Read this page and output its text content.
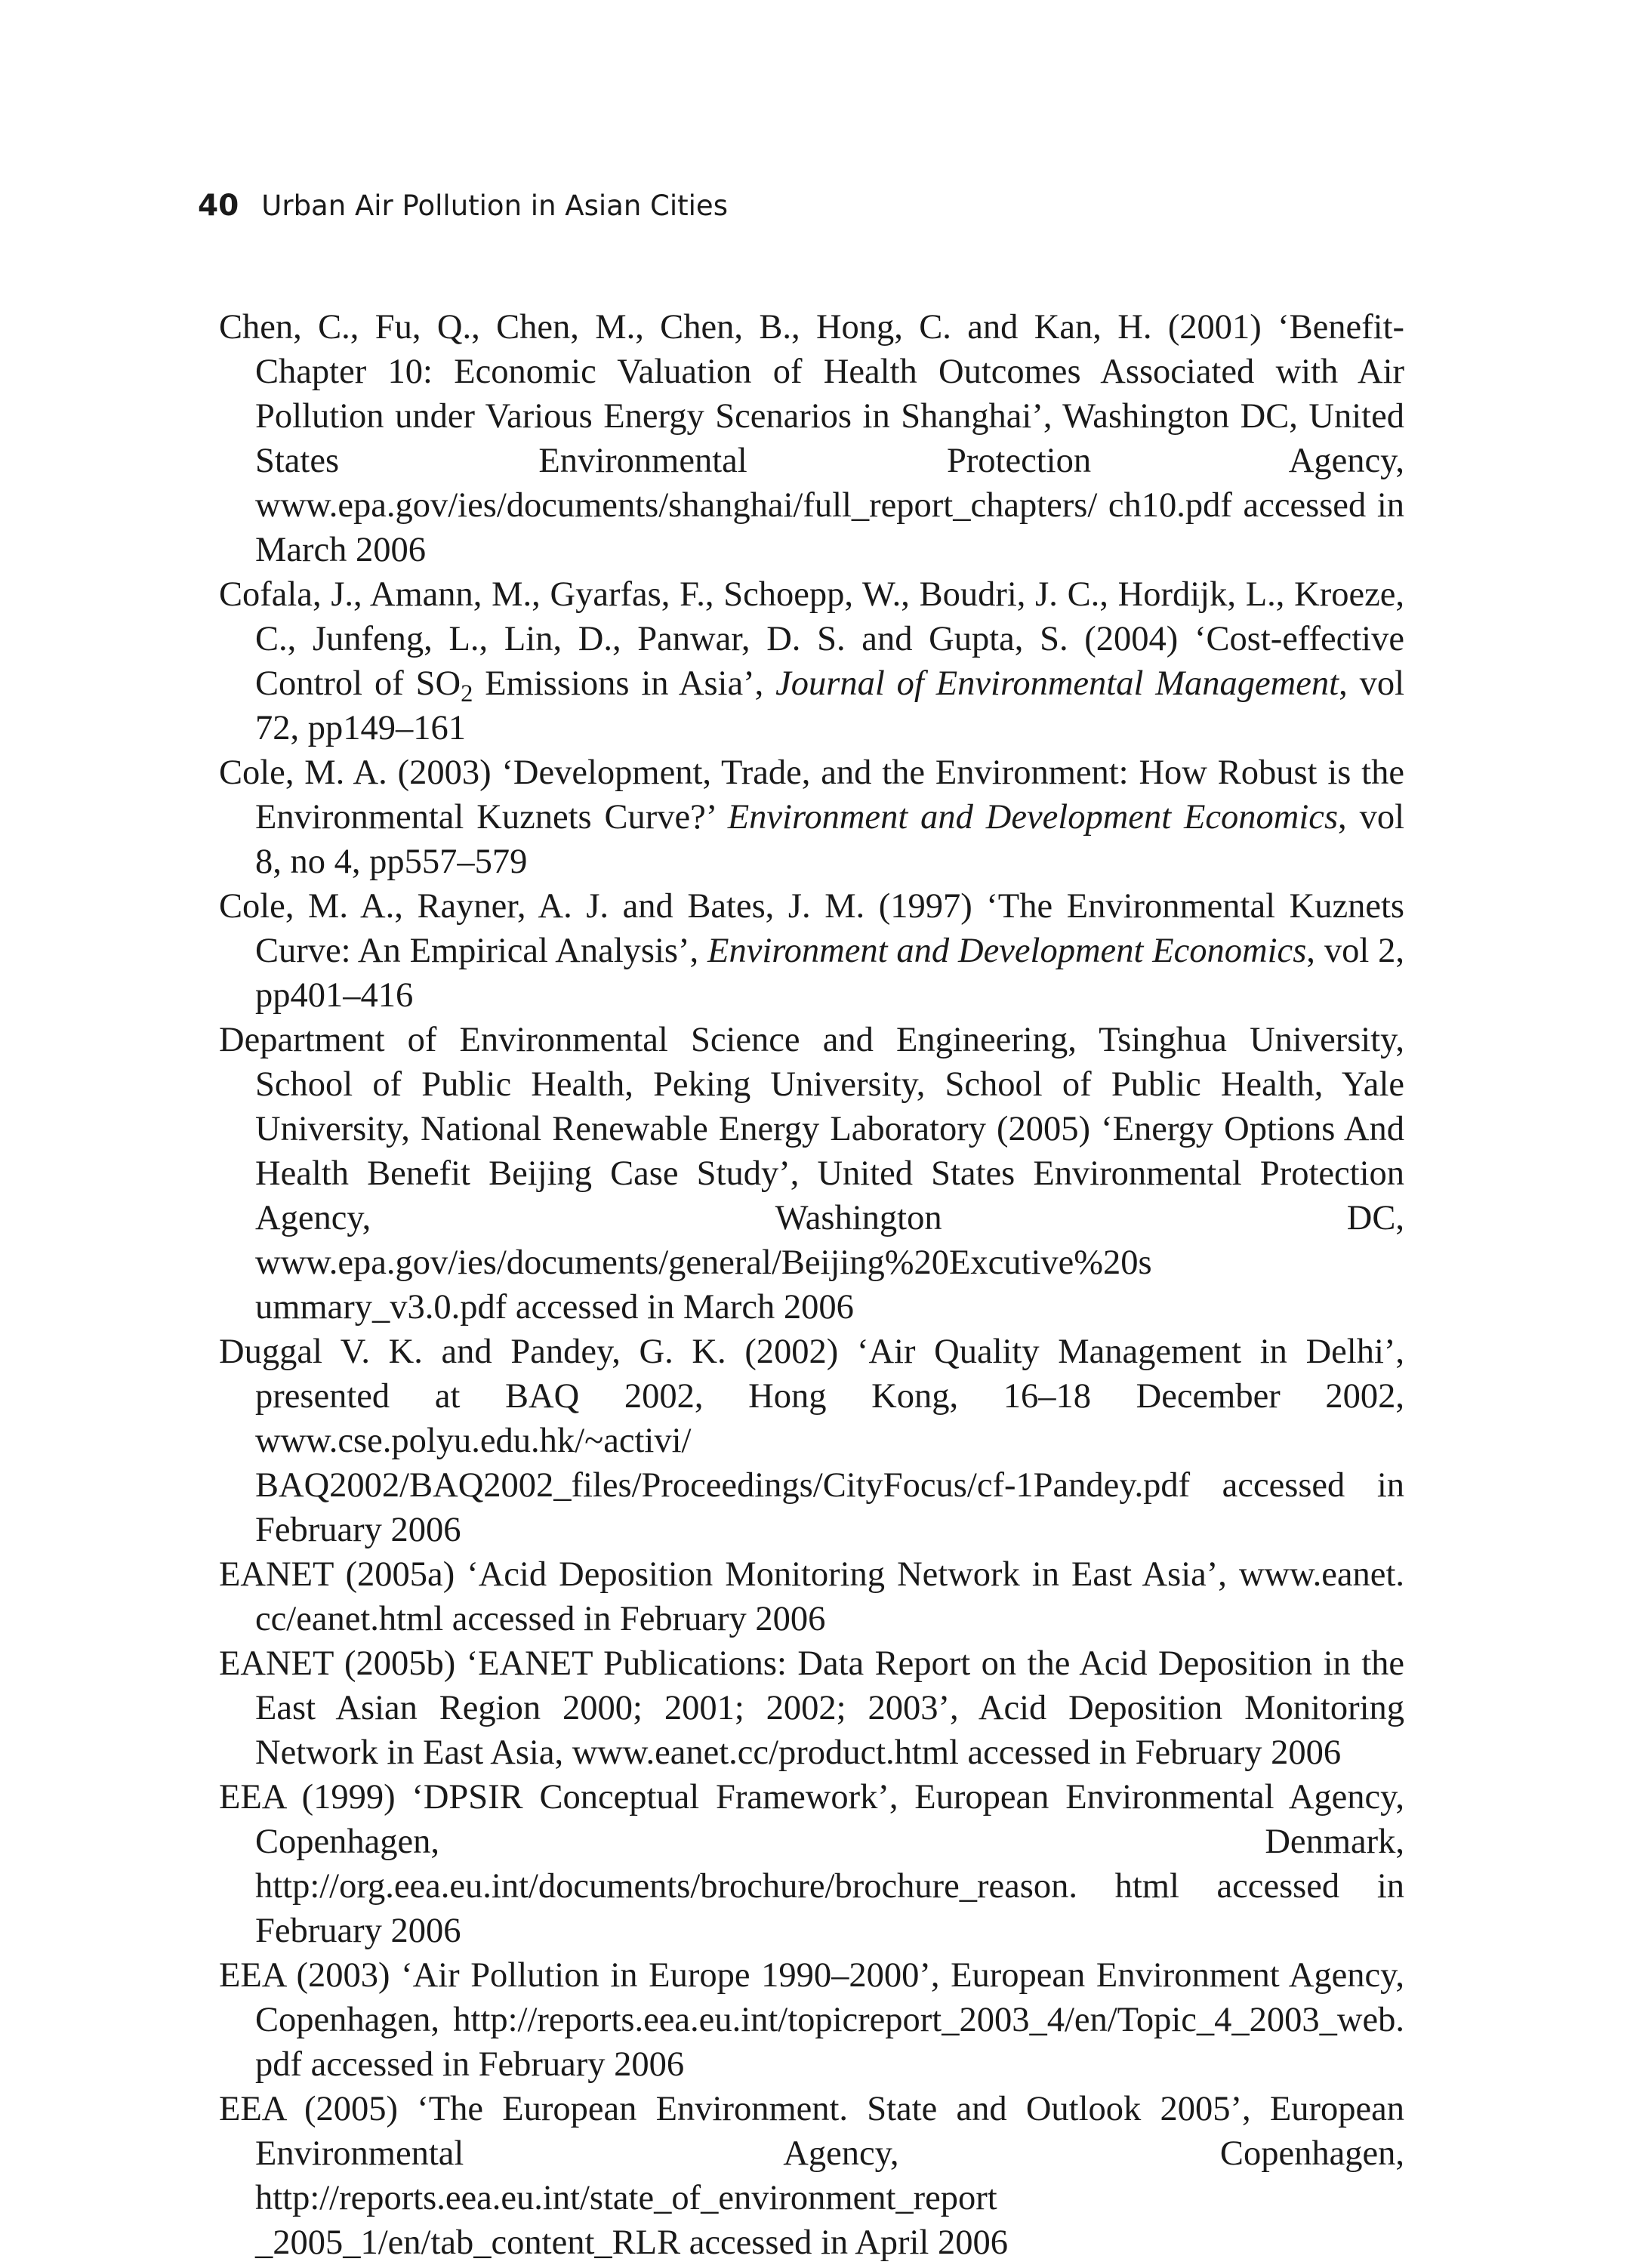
40 Urban Air Pollution in Asian Cities

Chen, C., Fu, Q., Chen, M., Chen, B., Hong, C. and Kan, H. (2001) ‘Benefit-Chapter 10: Economic Valuation of Health Outcomes Associated with Air Pollution under Various Energy Scenarios in Shanghai’, Washington DC, United States Environmental Protection Agency, www.epa.gov/ies/documents/shanghai/full_report_chapters/ ch10.pdf accessed in March 2006

Cofala, J., Amann, M., Gyarfas, F., Schoepp, W., Boudri, J. C., Hordijk, L., Kroeze, C., Junfeng, L., Lin, D., Panwar, D. S. and Gupta, S. (2004) ‘Cost-effective Control of $SO_2$ Emissions in Asia’, Journal of Environmental Management, vol 72, pp149–161

Cole, M. A. (2003) ‘Development, Trade, and the Environment: How Robust is the Environmental Kuznets Curve?’ Environment and Development Economics, vol 8, no 4, pp557–579

Cole, M. A., Rayner, A. J. and Bates, J. M. (1997) ‘The Environmental Kuznets Curve: An Empirical Analysis’, Environment and Development Economics, vol 2, pp401–416

Department of Environmental Science and Engineering, Tsinghua University, School of Public Health, Peking University, School of Public Health, Yale University, National Renewable Energy Laboratory (2005) ‘Energy Options And Health Benefit Beijing Case Study’, United States Environmental Protection Agency, Washington DC, www.epa.gov/ies/documents/general/Beijing%20Excutive%20s ummary_v3.0.pdf accessed in March 2006

Duggal V. K. and Pandey, G. K. (2002) ‘Air Quality Management in Delhi’, presented at BAQ 2002, Hong Kong, 16–18 December 2002, www.cse.polyu.edu.hk/~activi/ BAQ2002/BAQ2002_files/Proceedings/CityFocus/cf-1Pandey.pdf accessed in February 2006

EANET (2005a) ‘Acid Deposition Monitoring Network in East Asia’, www.eanet. cc/eanet.html accessed in February 2006

EANET (2005b) ‘EANET Publications: Data Report on the Acid Deposition in the East Asian Region 2000; 2001; 2002; 2003’, Acid Deposition Monitoring Network in East Asia, www.eanet.cc/product.html accessed in February 2006

EEA (1999) ‘DPSIR Conceptual Framework’, European Environmental Agency, Copenhagen, Denmark, http://org.eea.eu.int/documents/brochure/brochure_reason. html accessed in February 2006

EEA (2003) ‘Air Pollution in Europe 1990–2000’, European Environment Agency, Copenhagen, http://reports.eea.eu.int/topicreport_2003_4/en/Topic_4_2003_web. pdf accessed in February 2006

EEA (2005) ‘The European Environment. State and Outlook 2005’, European Environmental Agency, Copenhagen, http://reports.eea.eu.int/state_of_environment_report _2005_1/en/tab_content_RLR accessed in April 2006
